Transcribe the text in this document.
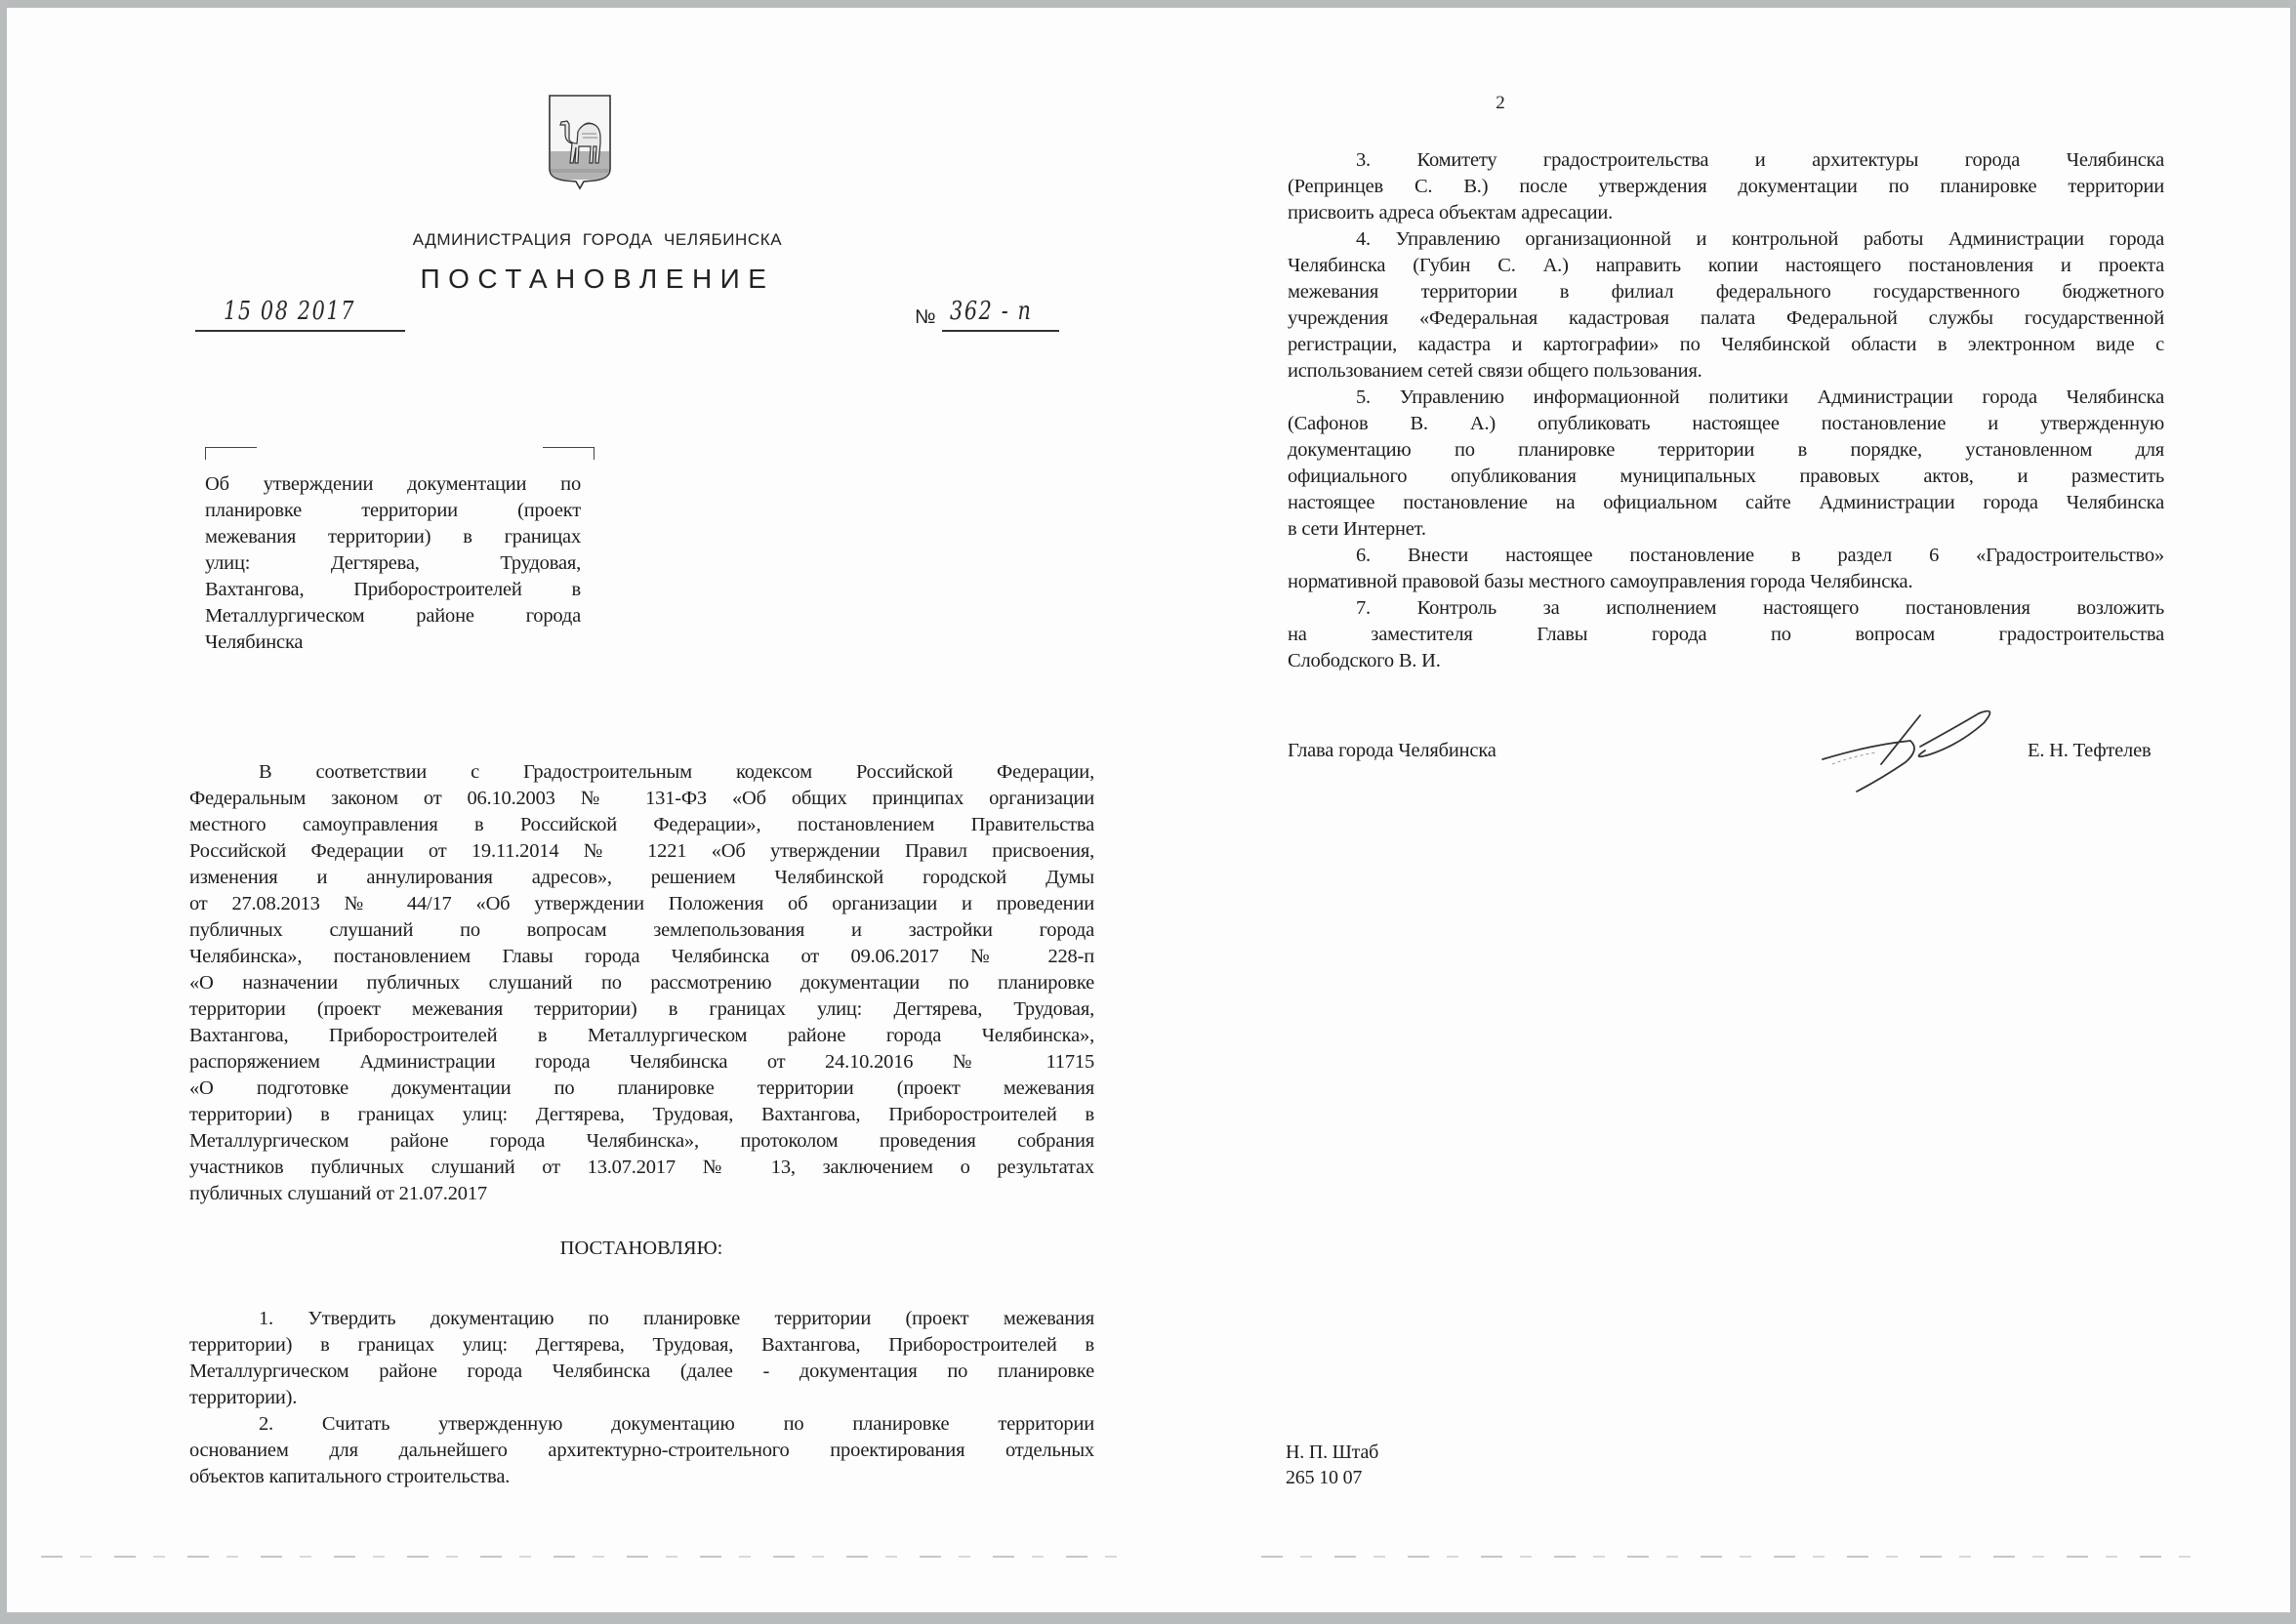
АДМИНИСТРАЦИЯ ГОРОДА ЧЕЛЯБИНСКА
ПОСТАНОВЛЕНИЕ
15 08 2017	№ 362 - п
Об утверждении документации по
планировке территории (проект
межевания территории) в границах
улиц: Дегтярева, Трудовая,
Вахтангова, Приборостроителей в
Металлургическом районе города
Челябинска
В соответствии с Градостроительным кодексом Российской Федерации,
Федеральным законом от 06.10.2003 № 131-ФЗ «Об общих принципах организации
местного самоуправления в Российской Федерации», постановлением Правительства
Российской Федерации от 19.11.2014 № 1221 «Об утверждении Правил присвоения,
изменения и аннулирования адресов», решением Челябинской городской Думы
от 27.08.2013 № 44/17 «Об утверждении Положения об организации и проведении
публичных слушаний по вопросам землепользования и застройки города
Челябинска», постановлением Главы города Челябинска от 09.06.2017 № 228-п
«О назначении публичных слушаний по рассмотрению документации по планировке
территории (проект межевания территории) в границах улиц: Дегтярева, Трудовая,
Вахтангова, Приборостроителей в Металлургическом районе города Челябинска»,
распоряжением Администрации города Челябинска от 24.10.2016 № 11715
«О подготовке документации по планировке территории (проект межевания
территории) в границах улиц: Дегтярева, Трудовая, Вахтангова, Приборостроителей в
Металлургическом районе города Челябинска», протоколом проведения собрания
участников публичных слушаний от 13.07.2017 № 13, заключением о результатах
публичных слушаний от 21.07.2017
ПОСТАНОВЛЯЮ:
1. Утвердить документацию по планировке территории (проект межевания
территории) в границах улиц: Дегтярева, Трудовая, Вахтангова, Приборостроителей в
Металлургическом районе города Челябинска (далее - документация по планировке
территории).
2. Считать утвержденную документацию по планировке территории
основанием для дальнейшего архитектурно-строительного проектирования отдельных
объектов капитального строительства.
2
3. Комитету градостроительства и архитектуры города Челябинска
(Репринцев С. В.) после утверждения документации по планировке территории
присвоить адреса объектам адресации.
4. Управлению организационной и контрольной работы Администрации города
Челябинска (Губин С. А.) направить копии настоящего постановления и проекта
межевания территории в филиал федерального государственного бюджетного
учреждения «Федеральная кадастровая палата Федеральной службы государственной
регистрации, кадастра и картографии» по Челябинской области в электронном виде с
использованием сетей связи общего пользования.
5. Управлению информационной политики Администрации города Челябинска
(Сафонов В. А.) опубликовать настоящее постановление и утвержденную
документацию по планировке территории в порядке, установленном для
официального опубликования муниципальных правовых актов, и разместить
настоящее постановление на официальном сайте Администрации города Челябинска
в сети Интернет.
6. Внести настоящее постановление в раздел 6 «Градостроительство»
нормативной правовой базы местного самоуправления города Челябинска.
7. Контроль за исполнением настоящего постановления возложить
на заместителя Главы города по вопросам градостроительства
Слободского В. И.
Глава города Челябинска	Е. Н. Тефтелев
Н. П. Штаб
265 10 07
